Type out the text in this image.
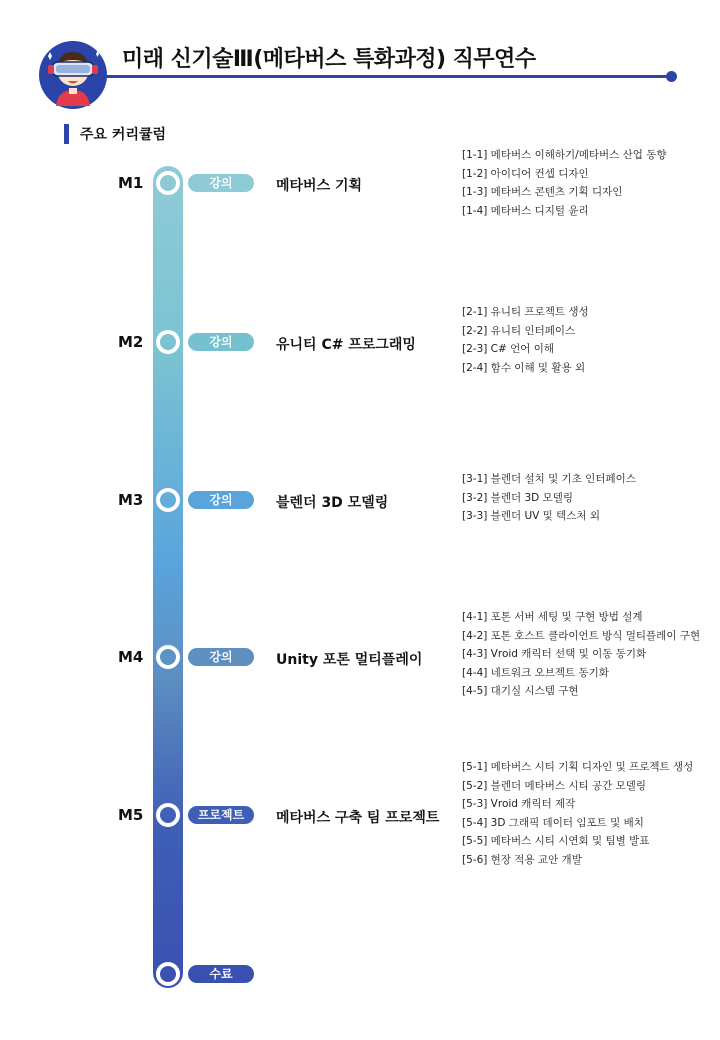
미래 신기술Ⅲ(메타버스 특화과정) 직무연수
주요 커리큘럼
M1	강의	메타버스 기획
[1-1] 메타버스 이해하기/메타버스 산업 동향
[1-2] 아이디어 컨셉 디자인
[1-3] 메타버스 콘텐츠 기획 디자인
[1-4] 메타버스 디지털 윤리
M2	강의	유니티 C# 프로그래밍
[2-1] 유니티 프로젝트 생성
[2-2] 유니티 인터페이스
[2-3] C# 언어 이해
[2-4] 함수 이해 및 활용 외
M3	강의	블렌더 3D 모델링
[3-1] 블렌더 설치 및 기초 인터페이스
[3-2] 블렌더 3D 모델링
[3-3] 블렌더 UV 및 텍스처 외
M4	강의	Unity 포톤 멀티플레이
[4-1] 포톤 서버 세팅 및 구현 방법 설계
[4-2] 포톤 호스트 클라이언트 방식 멀티플레이 구현
[4-3] Vroid 캐릭터 선택 및 이동 동기화
[4-4] 네트워크 오브젝트 동기화
[4-5] 대기실 시스템 구현
M5	프로젝트	메타버스 구축 팀 프로젝트
[5-1] 메타버스 시티 기획 디자인 및 프로젝트 생성
[5-2] 블렌더 메타버스 시티 공간 모델링
[5-3] Vroid 캐릭터 제작
[5-4] 3D 그래픽 데이터 임포트 및 배치
[5-5] 메타버스 시티 시연회 및 팀별 발표
[5-6] 현장 적용 교안 개발
수료
